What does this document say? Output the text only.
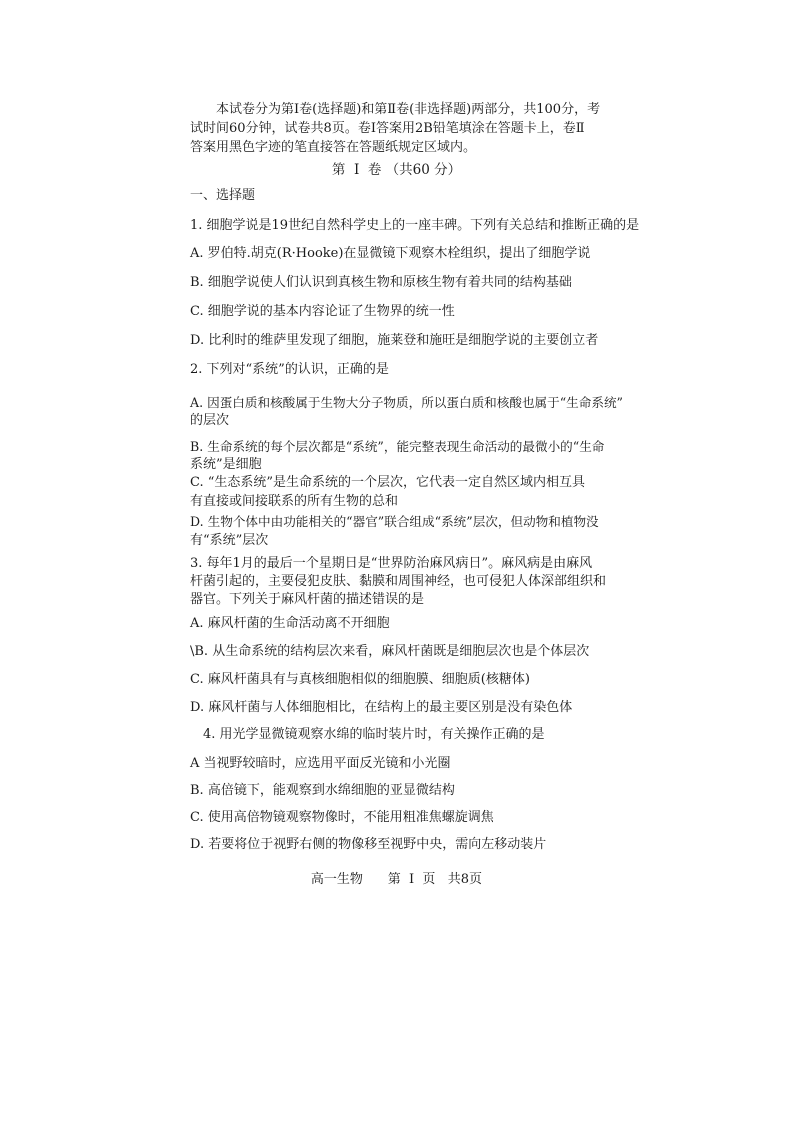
　　本试卷分为第Ⅰ卷(选择题)和第Ⅱ卷(非选择题)两部分，共100分，考
试时间60分钟，试卷共8页。卷Ⅰ答案用2B铅笔填涂在答题卡上，卷Ⅱ
答案用黑色字迹的笔直接答在答题纸规定区域内。
第  Ⅰ  卷 （共60 分）
一、选择题
1. 细胞学说是19世纪自然科学史上的一座丰碑。下列有关总结和推断正确的是
A. 罗伯特.胡克(R·Hooke)在显微镜下观察木栓组织，提出了细胞学说
B. 细胞学说使人们认识到真核生物和原核生物有着共同的结构基础
C. 细胞学说的基本内容论证了生物界的统一性
D. 比利时的维萨里发现了细胞，施莱登和施旺是细胞学说的主要创立者
2. 下列对“系统”的认识，正确的是
A. 因蛋白质和核酸属于生物大分子物质，所以蛋白质和核酸也属于“生命系统”
的层次
B. 生命系统的每个层次都是“系统”，能完整表现生命活动的最微小的“生命
系统”是细胞
C. “生态系统”是生命系统的一个层次，它代表一定自然区域内相互具
有直接或间接联系的所有生物的总和
D. 生物个体中由功能相关的“器官”联合组成“系统”层次，但动物和植物没
有“系统”层次
3. 每年1月的最后一个星期日是“世界防治麻风病日”。麻风病是由麻风
杆菌引起的，主要侵犯皮肤、黏膜和周围神经，也可侵犯人体深部组织和
器官。下列关于麻风杆菌的描述错误的是
A. 麻风杆菌的生命活动离不开细胞
\B. 从生命系统的结构层次来看，麻风杆菌既是细胞层次也是个体层次
C. 麻风杆菌具有与真核细胞相似的细胞膜、细胞质(核糖体)
D. 麻风杆菌与人体细胞相比，在结构上的最主要区别是没有染色体
　4. 用光学显微镜观察水绵的临时装片时，有关操作正确的是
A 当视野较暗时，应选用平面反光镜和小光圈
B. 高倍镜下，能观察到水绵细胞的亚显微结构
C. 使用高倍物镜观察物像时，不能用粗准焦螺旋调焦
D. 若要将位于视野右侧的物像移至视野中央，需向左移动装片
高一生物      第  Ⅰ  页   共8页
